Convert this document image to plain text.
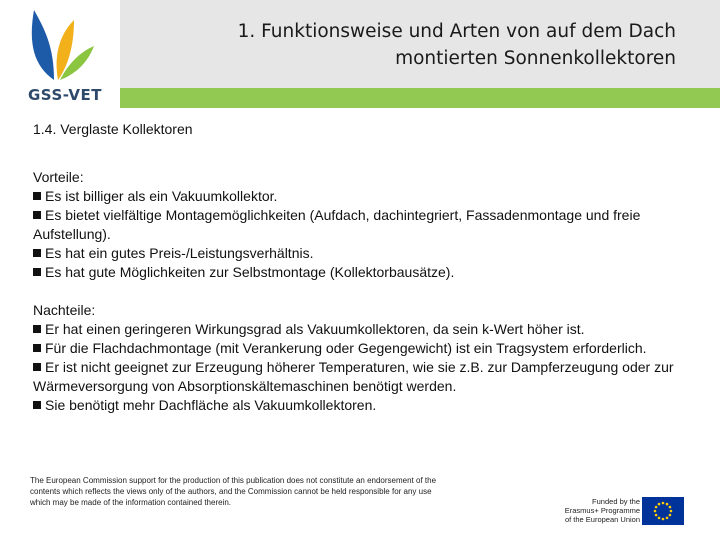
GSS-VET
1. Funktionsweise und Arten von auf dem Dach
montierten Sonnenkollektoren
1.4. Verglaste Kollektoren
Vorteile:
Es ist billiger als ein Vakuumkollektor.
Es bietet vielfältige Montagemöglichkeiten (Aufdach, dachintegriert, Fassadenmontage und freie Aufstellung).
Es hat ein gutes Preis-/Leistungsverhältnis.
Es hat gute Möglichkeiten zur Selbstmontage (Kollektorbausätze).
Nachteile:
Er hat einen geringeren Wirkungsgrad als Vakuumkollektoren, da sein k-Wert höher ist.
Für die Flachdachmontage (mit Verankerung oder Gegengewicht) ist ein Tragsystem erforderlich.
Er ist nicht geeignet zur Erzeugung höherer Temperaturen, wie sie z.B. zur Dampferzeugung oder zur Wärmeversorgung von Absorptionskältemaschinen benötigt werden.
Sie benötigt mehr Dachfläche als Vakuumkollektoren.
The European Commission support for the production of this publication does not constitute an endorsement of the contents which reflects the views only of the authors, and the Commission cannot be held responsible for any use which may be made of the information contained therein.	Funded by the
Erasmus+ Programme
of the European Union
